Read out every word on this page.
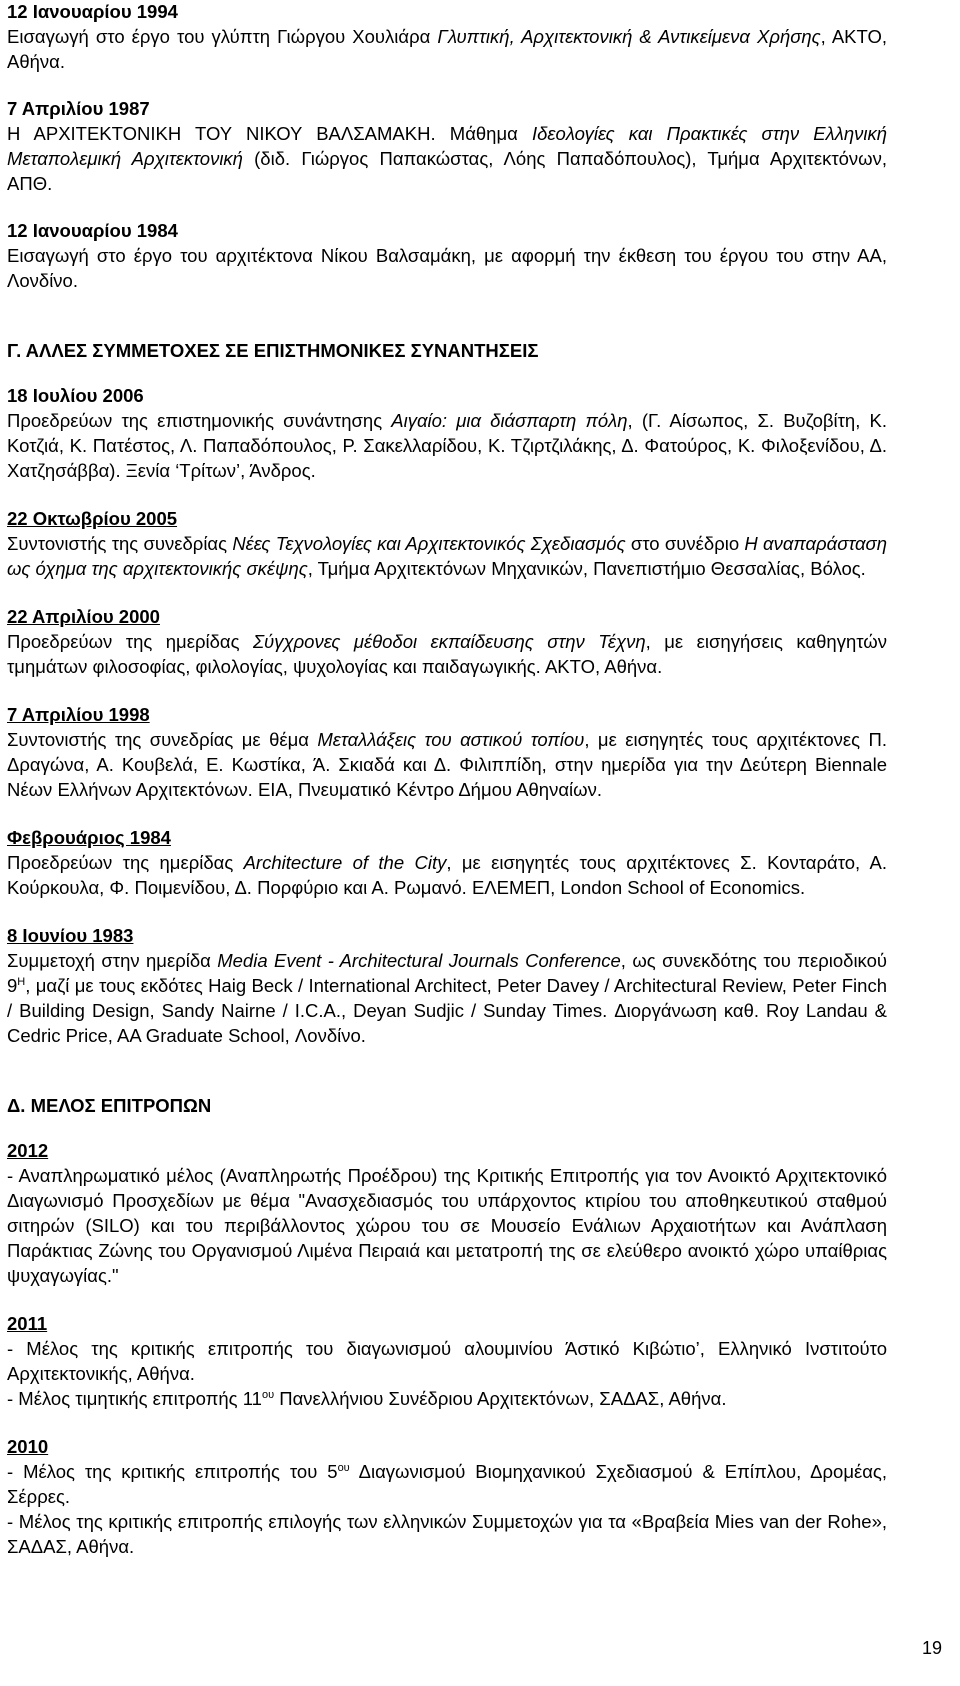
12 Ιανουαρίου 1994

Εισαγωγή στο έργο του γλύπτη Γιώργου Χουλιάρα Γλυπτική, Αρχιτεκτονική & Αντικείμενα Χρήσης, ΑΚΤΟ, Αθήνα.

7 Απριλίου 1987

Η ΑΡΧΙΤΕΚΤΟΝΙΚΗ ΤΟΥ ΝΙΚΟΥ ΒΑΛΣΑΜΑΚΗ. Μάθημα Ιδεολογίες και Πρακτικές στην Ελληνική Μεταπολεμική Αρχιτεκτονική (διδ. Γιώργος Παπακώστας, Λόης Παπαδόπουλος), Τμήμα Αρχιτεκτόνων, ΑΠΘ.

12 Ιανουαρίου 1984

Εισαγωγή στο έργο του αρχιτέκτονα Νίκου Βαλσαμάκη, με αφορμή την έκθεση του έργου του στην ΑΑ, Λονδίνο.

Γ. ΑΛΛΕΣ ΣΥΜΜΕΤΟΧΕΣ ΣΕ ΕΠΙΣΤΗΜΟΝΙΚΕΣ ΣΥΝΑΝΤΗΣΕΙΣ

18 Ιουλίου 2006

Προεδρεύων της επιστημονικής συνάντησης Αιγαίο: μια διάσπαρτη πόλη, (Γ. Αίσωπος, Σ. Βυζοβίτη, Κ. Κοτζιά, Κ. Πατέστος, Λ. Παπαδόπουλος, Ρ. Σακελλαρίδου, Κ. Τζιρτζιλάκης, Δ. Φατούρος, Κ. Φιλοξενίδου, Δ. Χατζησάββα). Ξενία ‘Τρίτων’, Άνδρος.

22 Οκτωβρίου 2005

Συντονιστής της συνεδρίας Νέες Τεχνολογίες και Αρχιτεκτονικός Σχεδιασμός στο συνέδριο Η αναπαράσταση ως όχημα της αρχιτεκτονικής σκέψης, Τμήμα Αρχιτεκτόνων Μηχανικών, Πανεπιστήμιο Θεσσαλίας, Βόλος.

22 Απριλίου 2000

Προεδρεύων της ημερίδας Σύγχρονες μέθοδοι εκπαίδευσης στην Τέχνη, με εισηγήσεις καθηγητών τμημάτων φιλοσοφίας, φιλολογίας, ψυχολογίας και παιδαγωγικής. ΑΚΤΟ, Αθήνα.

7 Απριλίου 1998

Συντονιστής της συνεδρίας με θέμα Μεταλλάξεις του αστικού τοπίου, με εισηγητές τους αρχιτέκτονες Π. Δραγώνα, Α. Κουβελά, Ε. Κωστίκα, Ά. Σκιαδά και Δ. Φιλιππίδη, στην ημερίδα για την Δεύτερη Biennale Νέων Ελλήνων Αρχιτεκτόνων. ΕΙΑ, Πνευματικό Κέντρο Δήμου Αθηναίων.

Φεβρουάριος 1984

Προεδρεύων της ημερίδας Architecture of the City, με εισηγητές τους αρχιτέκτονες Σ. Κονταράτο, Α. Κούρκουλα, Φ. Ποιμενίδου, Δ. Πορφύριο και Α. Ρωμανό. ΕΛΕΜΕΠ, London School of Economics.

8 Ιουνίου 1983

Συμμετοχή στην ημερίδα Media Event - Architectural Journals Conference, ως συνεκδότης του περιοδικού $9^H$, μαζί με τους εκδότες Haig Beck / International Architect, Peter Davey / Architectural Review, Peter Finch / Building Design, Sandy Nairne / I.C.A., Deyan Sudjic / Sunday Times. Διοργάνωση καθ. Roy Landau & Cedric Price, AA Graduate School, Λονδίνο.

Δ. ΜΕΛΟΣ ΕΠΙΤΡΟΠΩΝ

2012

- Αναπληρωματικό μέλος (Αναπληρωτής Προέδρου) της Κριτικής Επιτροπής για τον Ανοικτό Αρχιτεκτονικό Διαγωνισμό Προσχεδίων με θέμα "Ανασχεδιασμός του υπάρχοντος κτιρίου του αποθηκευτικού σταθμού σιτηρών (SILO) και του περιβάλλοντος χώρου του σε Μουσείο Ενάλιων Αρχαιοτήτων και Ανάπλαση Παράκτιας Ζώνης του Οργανισμού Λιμένα Πειραιά και μετατροπή της σε ελεύθερο ανοικτό χώρο υπαίθριας ψυχαγωγίας."

2011

- Μέλος της κριτικής επιτροπής του διαγωνισμού αλουμινίου Άστικό Κιβώτιο’, Ελληνικό Ινστιτούτο Αρχιτεκτονικής, Αθήνα.

- Μέλος τιμητικής επιτροπής $11^{o\upsilon}$ Πανελλήνιου Συνέδριου Αρχιτεκτόνων, ΣΑΔΑΣ, Αθήνα.

2010

- Μέλος της κριτικής επιτροπής του $5^{o\upsilon}$ Διαγωνισμού Βιομηχανικού Σχεδιασμού & Επίπλου, Δρομέας, Σέρρες.

- Μέλος της κριτικής επιτροπής επιλογής των ελληνικών Συμμετοχών για τα «Βραβεία Mies van der Rohe», ΣΑΔΑΣ, Αθήνα.

19
